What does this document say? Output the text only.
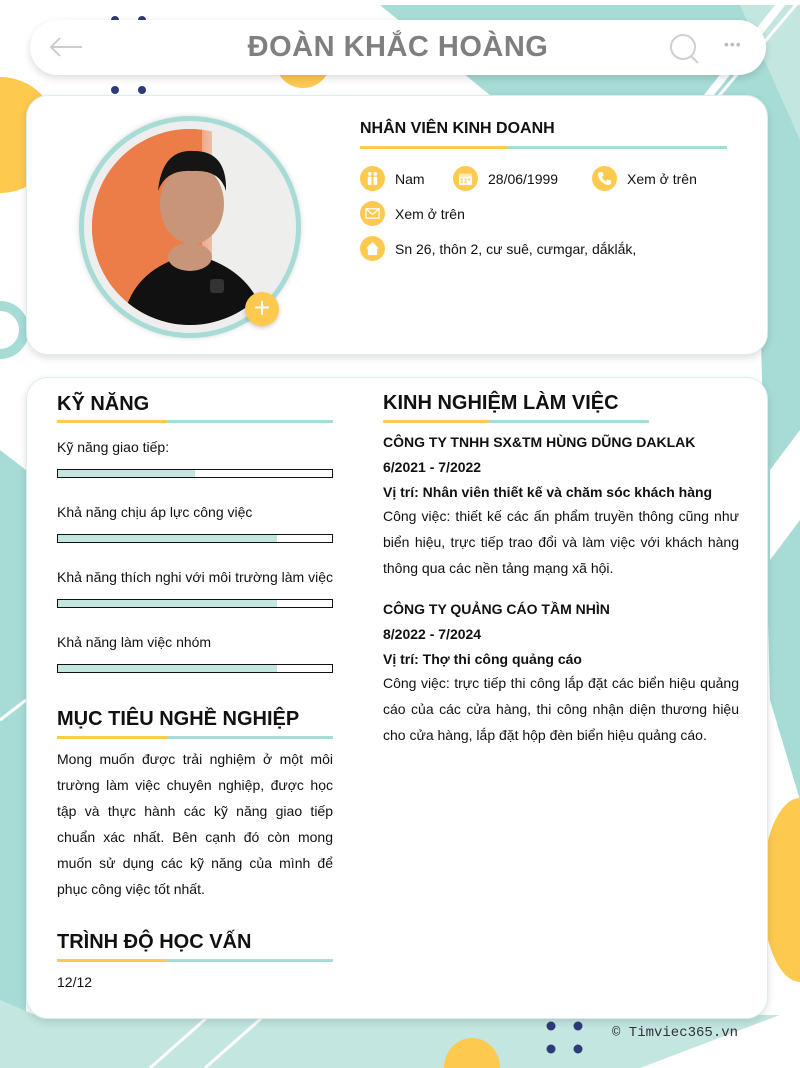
ĐOÀN KHẮC HOÀNG	•••
+
NHÂN VIÊN KINH DOANH
Nam	28/06/1999	Xem ở trên
Xem ở trên
Sn 26, thôn 2, cư suê, cưmgar, dắklắk,
KỸ NĂNG
Kỹ năng giao tiếp:
Khả năng chịu áp lực công việc
Khả năng thích nghi với môi trường làm việc
Khả năng làm việc nhóm
MỤC TIÊU NGHỀ NGHIỆP
Mong muốn được trải nghiệm ở một môi trường làm việc chuyên nghiệp, được học tập và thực hành các kỹ năng giao tiếp chuẩn xác nhất. Bên cạnh đó còn mong muốn sử dụng các kỹ năng của mình để phục công việc tốt nhất.
TRÌNH ĐỘ HỌC VẤN
12/12
KINH NGHIỆM LÀM VIỆC
CÔNG TY TNHH SX&TM HÙNG DŨNG DAKLAK
6/2021 - 7/2022
Vị trí: Nhân viên thiết kế và chăm sóc khách hàng
Công việc: thiết kế các ấn phẩm truyền thông cũng như biển hiệu, trực tiếp trao đổi và làm việc với khách hàng thông qua các nền tảng mạng xã hội.
CÔNG TY QUẢNG CÁO TẦM NHÌN
8/2022 - 7/2024
Vị trí: Thợ thi công quảng cáo
Công việc: trực tiếp thi công lắp đặt các biển hiệu quảng cáo của các cửa hàng, thi công nhận diện thương hiệu cho cửa hàng, lắp đặt hộp đèn biển hiệu quảng cáo.
© Timviec365.vn
